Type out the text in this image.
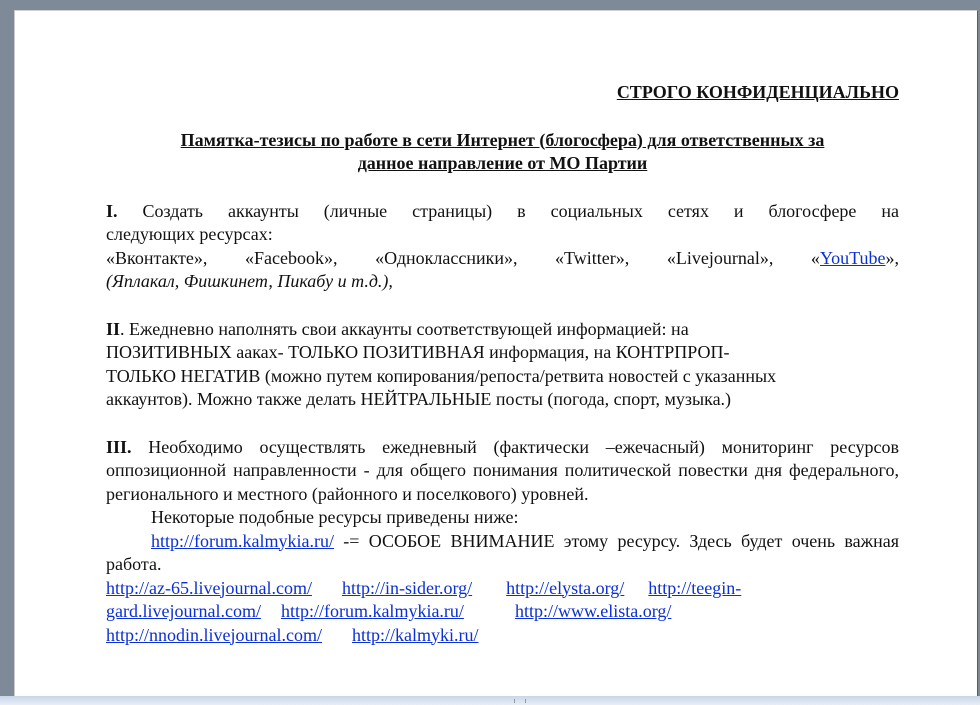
СТРОГО КОНФИДЕНЦИАЛЬНО
Памятка-тезисы по работе в сети Интернет (блогосфера) для ответственных за
данное направление от МО Партии
I. Создать аккаунты (личные страницы) в социальных сетях и блогосфере на
следующих ресурсах:
«Вконтакте», «Facebook», «Одноклассники», «Twitter», «Livejournal», «YouTube»,
(Яплакал, Фишкинет, Пикабу и т.д.),
II. Ежедневно наполнять свои аккаунты соответствующей информацией: на
ПОЗИТИВНЫХ аaках- ТОЛЬКО ПОЗИТИВНАЯ информация, на КОНТРПРОП-
ТОЛЬКО НЕГАТИВ (можно путем копирования/репоста/ретвита новостей с указанных
аккаунтов). Можно также делать НЕЙТРАЛЬНЫЕ посты (погода, спорт, музыка.)
III. Необходимо осуществлять ежедневный (фактически –ежечасный) мониторинг ресурсов оппозиционной направленности - для общего понимания политической повестки дня федерального, регионального и местного (районного и поселкового) уровней.
Некоторые подобные ресурсы приведены ниже:
http://forum.kalmykia.ru/ -= ОСОБОЕ ВНИМАНИЕ этому ресурсу. Здесь будет очень важная работа.
http://az-65.livejournal.com/ http://in-sider.org/ http://elysta.org/ http://teegin-
gard.livejournal.com/ http://forum.kalmykia.ru/	http://www.elista.org/
http://nnodin.livejournal.com/ http://kalmyki.ru/
